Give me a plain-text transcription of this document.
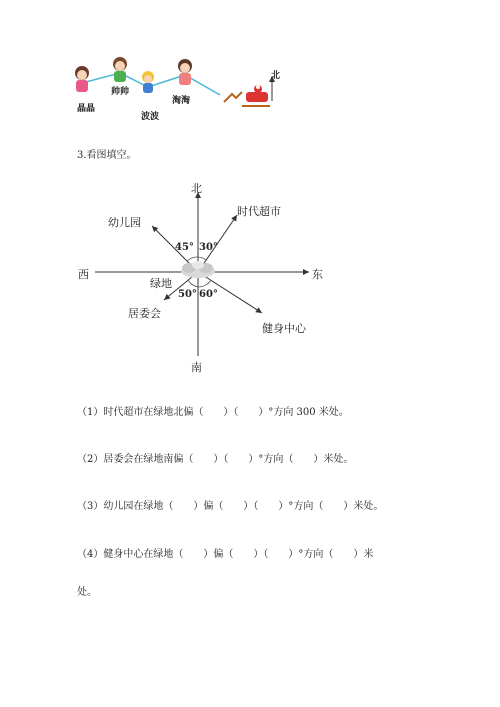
北
晶晶
帅帅
波波
淘淘
3.看图填空。
北
南
东
西
时代超市
幼儿园
居委会
健身中心
绿地
45° 30°
50° 60°
（1）时代超市在绿地北偏（　　）（　　）°方向 300 米处。
（2）居委会在绿地南偏（　　）（　　）°方向（　　）米处。
（3）幼儿园在绿地（　　）偏（　　）（　　）°方向（　　）米处。
（4）健身中心在绿地（　　）偏（　　）（　　）°方向（　　）米
处。
